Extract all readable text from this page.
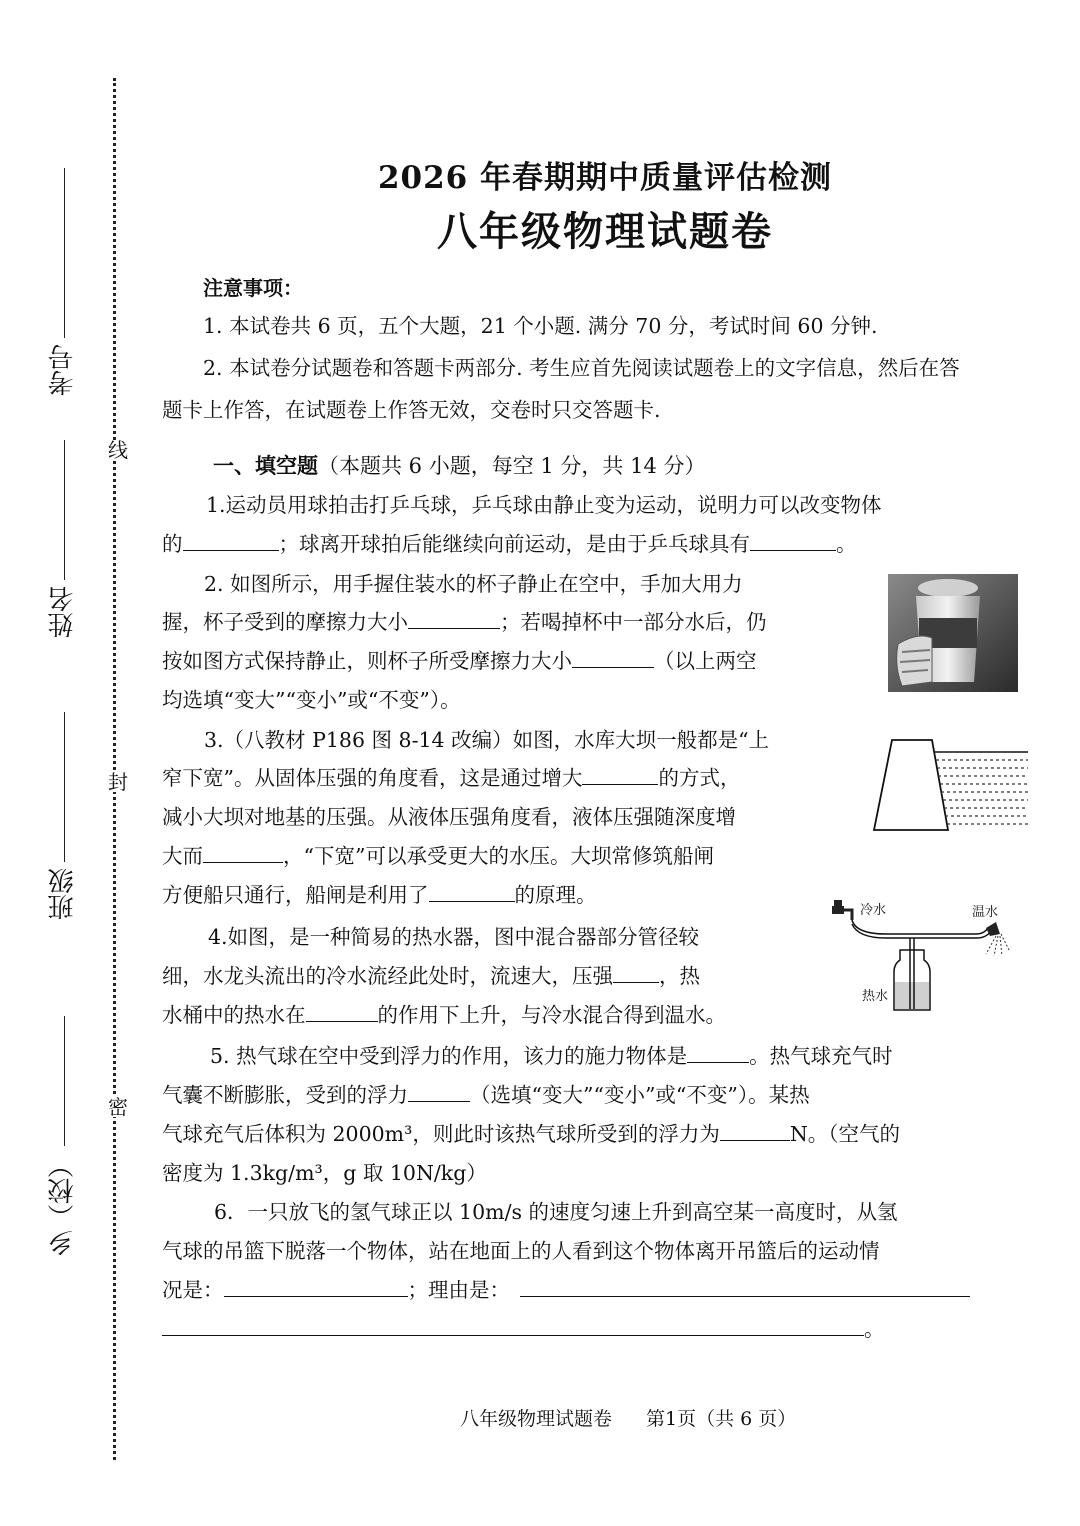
线
封
密
考号
姓名
班级
乡（校）
2026 年春期期中质量评估检测
八年级物理试题卷
注意事项：
1. 本试卷共 6 页，五个大题，21 个小题. 满分 70 分，考试时间 60 分钟.
2. 本试卷分试题卷和答题卡两部分. 考生应首先阅读试题卷上的文字信息，然后在答
题卡上作答，在试题卷上作答无效，交卷时只交答题卡.
一、填空题（本题共 6 小题，每空 1 分，共 14 分）
1.运动员用球拍击打乒乓球，乒乓球由静止变为运动，说明力可以改变物体
的	；球离开球拍后能继续向前运动，是由于乒乓球具有	。
2. 如图所示，用手握住装水的杯子静止在空中，手加大用力
握，杯子受到的摩擦力大小	；若喝掉杯中一部分水后，仍
按如图方式保持静止，则杯子所受摩擦力大小	（以上两空
均选填“变大”“变小”或“不变”）。
3.（八教材 P186 图 8-14 改编）如图，水库大坝一般都是“上
窄下宽”。从固体压强的角度看，这是通过增大	的方式，
减小大坝对地基的压强。从液体压强角度看，液体压强随深度增
大而	，“下宽”可以承受更大的水压。大坝常修筑船闸
方便船只通行，船闸是利用了	的原理。
4.如图，是一种简易的热水器，图中混合器部分管径较
细，水龙头流出的冷水流经此处时，流速大，压强 ，热
水桶中的热水在	的作用下上升，与冷水混合得到温水。
冷水	温水
热水
5. 热气球在空中受到浮力的作用，该力的施力物体是	。热气球充气时
气囊不断膨胀，受到的浮力	（选填“变大”“变小”或“不变”）。某热
气球充气后体积为 2000m³，则此时该热气球所受到的浮力为	N。（空气的
密度为 1.3kg/m³，g 取 10N/kg）
6．一只放飞的氢气球正以 10m/s 的速度匀速上升到高空某一高度时，从氢
气球的吊篮下脱落一个物体，站在地面上的人看到这个物体离开吊篮后的运动情
况是：	；理由是：
。
八年级物理试题卷 第1页（共 6 页）
